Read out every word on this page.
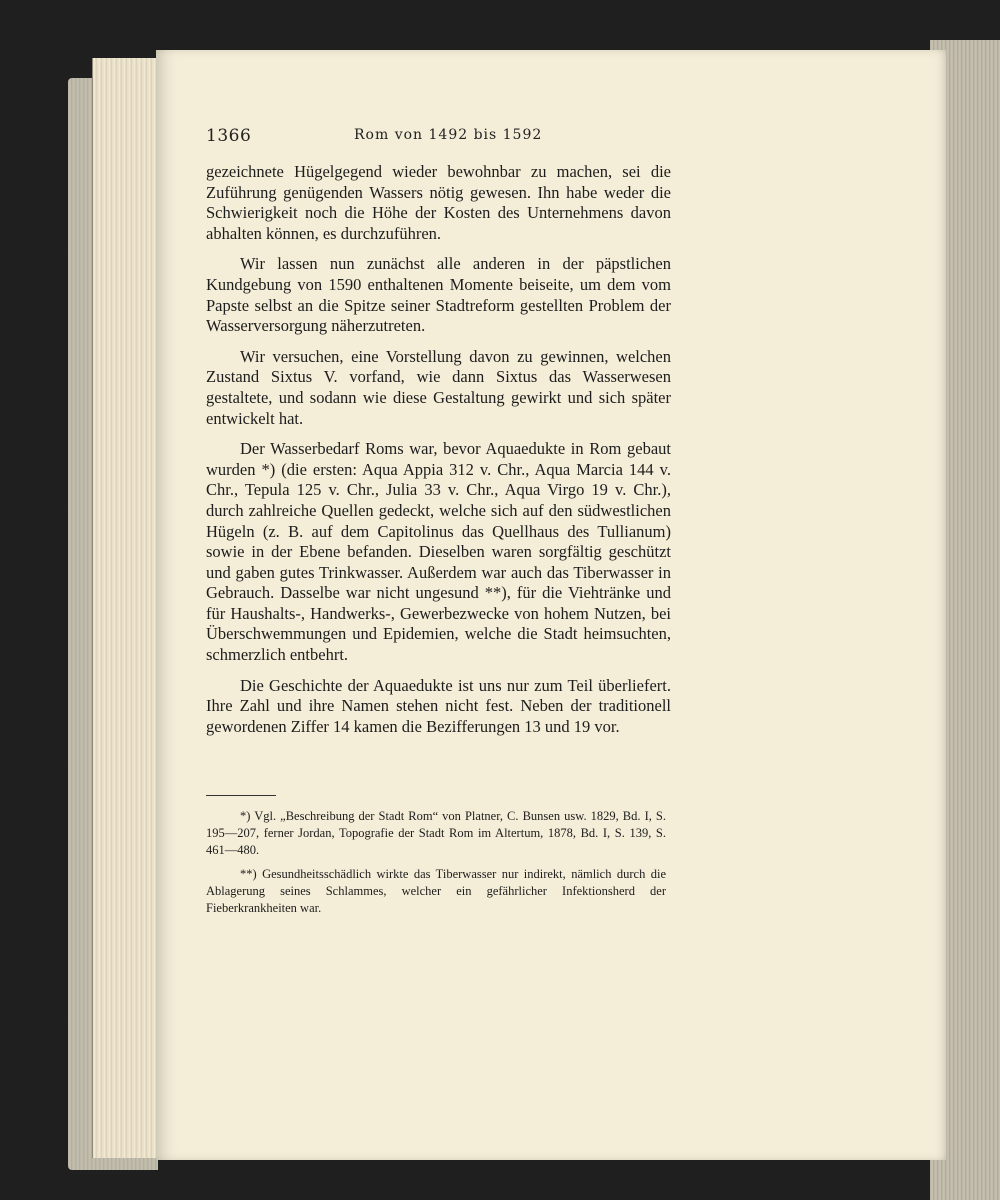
1366	Rom von 1492 bis 1592

gezeichnete Hügelgegend wieder bewohnbar zu machen, sei die Zuführung genügenden Wassers nötig gewesen. Ihn habe weder die Schwierigkeit noch die Höhe der Kosten des Unternehmens davon abhalten können, es durchzuführen.

Wir lassen nun zunächst alle anderen in der päpstlichen Kundgebung von 1590 enthaltenen Momente beiseite, um dem vom Papste selbst an die Spitze seiner Stadtreform gestellten Problem der Wasserversorgung näherzutreten.

Wir versuchen, eine Vorstellung davon zu gewinnen, welchen Zustand Sixtus V. vorfand, wie dann Sixtus das Wasserwesen gestaltete, und sodann wie diese Gestaltung gewirkt und sich später entwickelt hat.

Der Wasserbedarf Roms war, bevor Aquaedukte in Rom gebaut wurden *) (die ersten: Aqua Appia 312 v. Chr., Aqua Marcia 144 v. Chr., Tepula 125 v. Chr., Julia 33 v. Chr., Aqua Virgo 19 v. Chr.), durch zahlreiche Quellen gedeckt, welche sich auf den südwestlichen Hügeln (z. B. auf dem Capitolinus das Quellhaus des Tullianum) sowie in der Ebene befanden. Dieselben waren sorgfältig geschützt und gaben gutes Trinkwasser. Außerdem war auch das Tiberwasser in Gebrauch. Dasselbe war nicht ungesund **), für die Viehtränke und für Haushalts-, Handwerks-, Gewerbezwecke von hohem Nutzen, bei Überschwemmungen und Epidemien, welche die Stadt heimsuchten, schmerzlich entbehrt.

Die Geschichte der Aquaedukte ist uns nur zum Teil überliefert. Ihre Zahl und ihre Namen stehen nicht fest. Neben der traditionell gewordenen Ziffer 14 kamen die Bezifferungen 13 und 19 vor.

*) Vgl. „Beschreibung der Stadt Rom“ von Platner, C. Bunsen usw. 1829, Bd. I, S. 195—207, ferner Jordan, Topografie der Stadt Rom im Altertum, 1878, Bd. I, S. 139, S. 461—480.

**) Gesundheitsschädlich wirkte das Tiberwasser nur indirekt, nämlich durch die Ablagerung seines Schlammes, welcher ein gefährlicher Infektionsherd der Fieberkrankheiten war.
